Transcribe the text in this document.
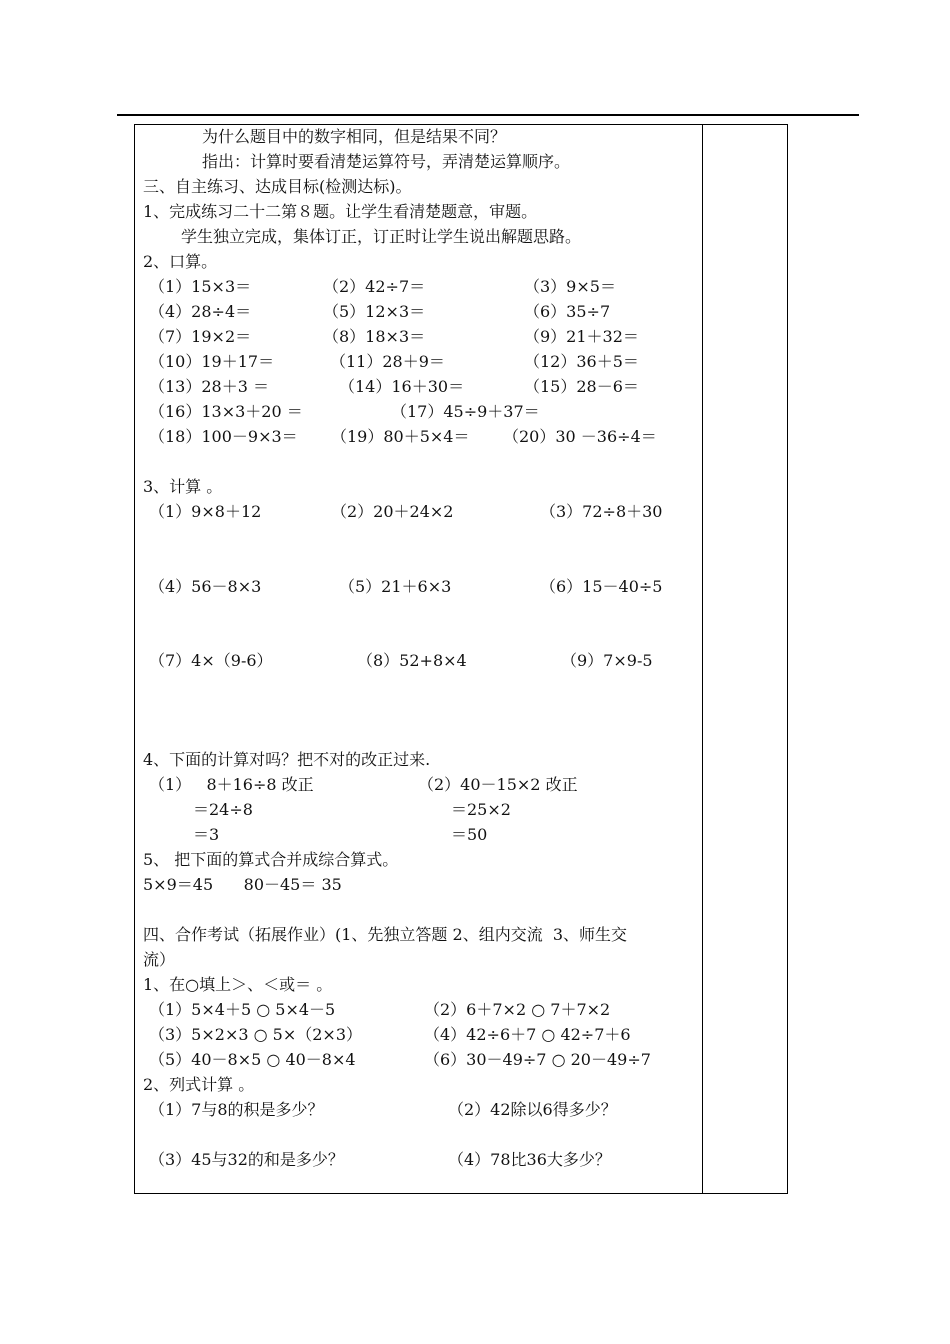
为什么题目中的数字相同，但是结果不同？
指出：计算时要看清楚运算符号，弄清楚运算顺序。
三、自主练习、达成目标(检测达标)。
1、完成练习二十二第８题。让学生看清楚题意，审题。
学生独立完成，集体订正，订正时让学生说出解题思路。
2、口算。
（1）15×3＝	（2）42÷7＝	（3）9×5＝
（4）28÷4＝	（5）12×3＝	（6）35÷7
（7）19×2＝	（8）18×3＝	（9）21＋32＝
（10）19＋17＝	（11）28＋9＝	（12）36＋5＝
（13）28＋3 ＝	（14）16＋30＝	（15）28－6＝
（16）13×3＋20 ＝	（17）45÷9＋37＝
（18）100－9×3＝ （19）80＋5×4＝ （20）30 －36÷4＝
3、计算 。
（1）9×8＋12	（2）20＋24×2	（3）72÷8＋30
（4）56－8×3	（5）21＋6×3	（6）15－40÷5
（7）4×（9-6）	（8）52+8×4	（9）7×9-5
4、下面的计算对吗？把不对的改正过来.
（1）   8＋16÷8 改正
＝24÷8
＝3
（2）40－15×2 改正
＝25×2
＝50
5、 把下面的算式合并成综合算式。
5×9＝45      80－45＝ 35
四、合作考试（拓展作业）(1、先独立答题 2、组内交流  3、师生交
流）
1、在○填上＞、＜或＝ 。
（1）5×4＋5 ○ 5×4－5	（2）6＋7×2 ○ 7＋7×2
（3）5×2×3 ○ 5×（2×3）	（4）42÷6＋7 ○ 42÷7＋6
（5）40－8×5 ○ 40－8×4	（6）30－49÷7 ○ 20－49÷7
2、列式计算 。
（1）7与8的积是多少？	（2）42除以6得多少？
（3）45与32的和是多少？	（4）78比36大多少？
